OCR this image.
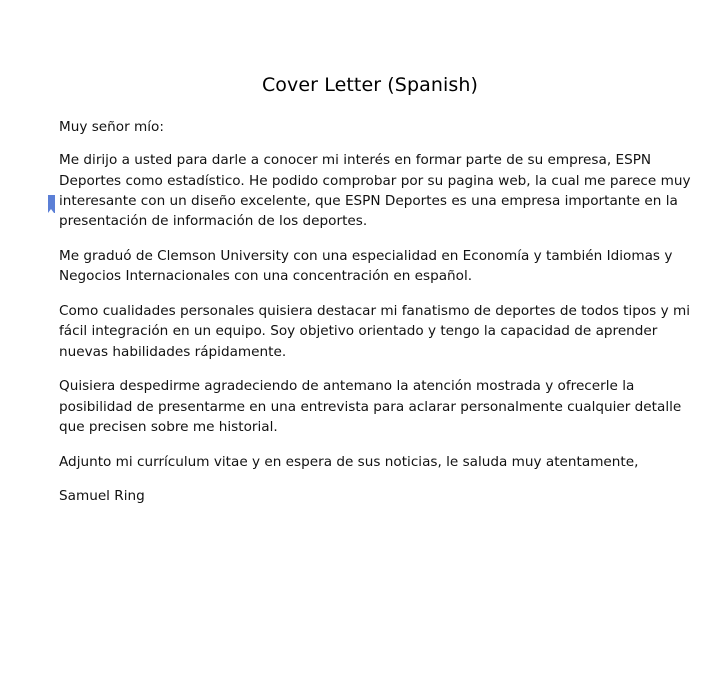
Cover Letter (Spanish)

Muy señor mío:

Me dirijo a usted para darle a conocer mi interés en formar parte de su empresa, ESPN Deportes como estadístico. He podido comprobar por su pagina web, la cual me parece muy interesante con un diseño excelente, que ESPN Deportes es una empresa importante en la presentación de información de los deportes.

Me graduó de Clemson University con una especialidad en Economía y también Idiomas y Negocios Internacionales con una concentración en español.

Como cualidades personales quisiera destacar mi fanatismo de deportes de todos tipos y mi fácil integración en un equipo. Soy objetivo orientado y tengo la capacidad de aprender nuevas habilidades rápidamente.

Quisiera despedirme agradeciendo de antemano la atención mostrada y ofrecerle la posibilidad de presentarme en una entrevista para aclarar personalmente cualquier detalle que precisen sobre me historial.

Adjunto mi currículum vitae y en espera de sus noticias, le saluda muy atentamente,

Samuel Ring
